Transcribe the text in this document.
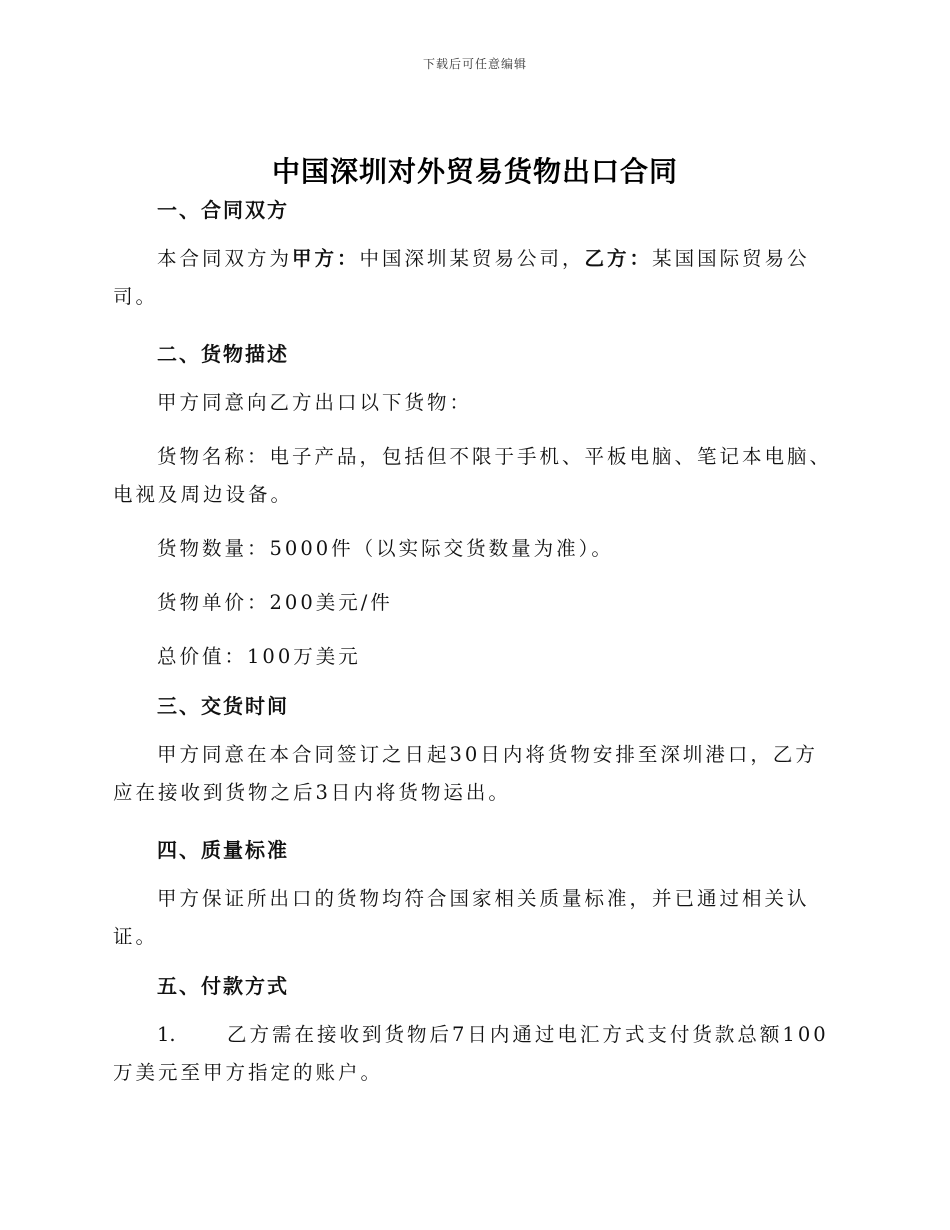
下载后可任意编辑
中国深圳对外贸易货物出口合同

一、合同双方

本合同双方为甲方：中国深圳某贸易公司，乙方：某国国际贸易公司。

二、货物描述

甲方同意向乙方出口以下货物：

货物名称：电子产品，包括但不限于手机、平板电脑、笔记本电脑、电视及周边设备。

货物数量：5000件（以实际交货数量为准）。

货物单价：200美元/件

总价值：100万美元

三、交货时间

甲方同意在本合同签订之日起30日内将货物安排至深圳港口，乙方应在接收到货物之后3日内将货物运出。

四、质量标准

甲方保证所出口的货物均符合国家相关质量标准，并已通过相关认证。

五、付款方式

1.	乙方需在接收到货物后7日内通过电汇方式支付货款总额100万美元至甲方指定的账户。
